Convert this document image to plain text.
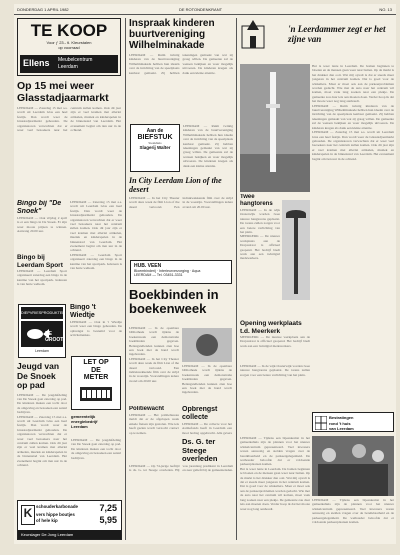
DONDERDAG 1 APRIL 1982	DE ROTONDENKRANT	NO. 13
TE KOOP
Voor ƒ 23.- tl. Kleurstalen
op voorraad
Ellens Meubelcentrum
Leerdam
Op 15 mei weer Glasstadjaarmarkt
LEERDAM — Zaterdag 15 mei a.s. wordt uit Leerdam Glas een heel festijn. Dan wordt weer de Glasstadjaarmarkt gehouden. De organisatoren verwachten dat er weer veel bezoekers naar het centrum zullen komen. Ook dit jaar zijn er veel kramen met allerlei artikelen, muziek en kinderspelen in de binnenstad van Leerdam. Het evenement begint om tien uur in de ochtend.
Bingo bij "De Snoek"
LEERDAM — Ook vrijdag 2 april is er een bingo in De Snoek. Er zijn weer mooie prijzen te winnen. Aanvang 20.00 uur.
Bingo bij Leerdam Sport
LEERDAM — Leerdam Sport organiseert zaterdag een bingo in de kantine van het sportpark. Iedereen is van harte welkom.
DIEPVRIESPRODUKTEN
DE GROOT
Leerdam
Jeugd van De Snoek op pad
LEERDAM — De jeugdafdeling van De Snoek gaat zaterdag op pad. De kinderen maken een tocht door de omgeving en bezoeken een aantal bedrijven.
LEERDAM — Zaterdag 15 mei a.s. wordt uit Leerdam Glas een heel festijn. Dan wordt weer de Glasstadjaarmarkt gehouden. De organisatoren verwachten dat er weer veel bezoekers naar het centrum zullen komen. Ook dit jaar zijn er veel kramen met allerlei artikelen, muziek en kinderspelen in de binnenstad van Leerdam. Het evenement begint om tien uur in de ochtend.
LEERDAM — Zaterdag 15 mei a.s. wordt uit Leerdam Glas een heel festijn. Dan wordt weer de Glasstadjaarmarkt gehouden. De organisatoren verwachten dat er weer veel bezoekers naar het centrum zullen komen. Ook dit jaar zijn er veel kramen met allerlei artikelen, muziek en kinderspelen in de binnenstad van Leerdam. Het evenement begint om tien uur in de ochtend.
LEERDAM — Leerdam Sport organiseert zaterdag een bingo in de kantine van het sportpark. Iedereen is van harte welkom.
Bingo 't Wiedtje
LEERDAM — Ook in 't Wiedtje wordt weer een bingo gehouden. De opbrengst is bestemd voor de activiteitenkas.
LET OP
DE
METER
gemeentelijk
energiebedrijf
Leerdam
LEERDAM — De jeugdafdeling van De Snoek gaat zaterdag op pad. De kinderen maken een tocht door de omgeving en bezoeken een aantal bedrijven.
K schouderkarbonade
vers hippe boutjes
of hele kip
7,25
5,95
Keurslager De Jong Leerdam
Inspraak kinderen buurtvereniging Wilhelminakade
LEERDAM — Ruim twintig kinderen van de buurtvereniging Wilhelminakade hebben hun ideeën over de inrichting van de speelplaats kenbaar gemaakt. Zij hebben tekeningen gemaakt van wat zij graag willen. De gemeente zal de wensen bekijken en waar mogelijk uitvoeren. De kinderen kregen als dank een kleine attentie.
Aan de
BIEFSTUK
Steakhuis
Slagerij Walter
LEERDAM — Ruim twintig kinderen van de buurtvereniging Wilhelminakade hebben hun ideeën over de inrichting van de speelplaats kenbaar gemaakt. Zij hebben tekeningen gemaakt van wat zij graag willen. De gemeente zal de wensen bekijken en waar mogelijk uitvoeren. De kinderen kregen als dank een kleine attentie.
In City Leerdam Lion of the desert
LEERDAM — In het City Theater wordt deze week de film Lion of the desert vertoond. Een indrukwekkende film over de strijd in de woestijn. Voorstellingen iedere avond om 20.00 uur.
HUB. VEEN
Bloembinderij · Interieurverzorging · Aqua
LEERDAM — Tel. 03451-3331
Boekbinden in boekenweek
LEERDAM — In de openbare bibliotheek wordt tijdens de boekenweek een demonstratie boekbinden gegeven. Belangstellenden kunnen zien hoe een boek met de hand wordt ingebonden.
LEERDAM — In het City Theater wordt deze week de film Lion of the desert vertoond. Een indrukwekkende film over de strijd in de woestijn. Voorstellingen iedere avond om 20.00 uur.
LEERDAM — In de openbare bibliotheek wordt tijdens de boekenweek een demonstratie boekbinden gegeven. Belangstellenden kunnen zien hoe een boek met de hand wordt ingebonden.
Politiewacht
LEERDAM — Het politiebureau meldt dat er de afgelopen week enkele fietsen zijn gestolen. Wie iets heeft gezien wordt verzocht contact op te nemen.
Opbrengst collecte
LEERDAM — De collecte voor het Astmafonds heeft in Leerdam een mooi bedrag opgebracht. Alle gevers
Ds. G. ter Steege overleden
LEERDAM — Op 74-jarige leeftijd is ds. G. ter Steege overleden. Hij was jarenlang predikant in Leerdam en zeer geliefd bij de gemeenteleden.
'n Leerdammer zegt er het zijne van
Twee hangtorens
LEERDAM — In de wijk Oosterwijk worden twee nieuwe hangtorens geplaatst. De torens zullen zorgen voor een betere verlichting van het plein.
MEERKERK — De nieuwe werkplaats aan de Dorpsstraat is officieel geopend. Het bedrijf biedt werk aan een twintigtal medewerkers.
Opening werkplaats t.d. Meerkerk
MEERKERK — De nieuwe werkplaats aan de Dorpsstraat is officieel geopend. Het bedrijf biedt werk aan een twintigtal medewerkers.
LEERDAM — In de wijk Oosterwijk worden twee nieuwe hangtorens geplaatst. De torens zullen zorgen voor een betere verlichting van het plein.
Bestratingen
rond 't huis
van Leerdam
Het is weer lente in Leerdam. De bomen beginnen te bloeien en de mensen gaan weer naar buiten. Op de markt is het drukker dan ooit. Wat mij opvalt is dat er steeds meer jongeren in het centrum komen. Dat is goed voor de winkeliers. Maar er moet ook aan de parkeerproblemen worden gedacht. Wie met de auto naar het centrum wil komen, moet vaak lang zoeken naar een plekje. De gemeente zou daar iets aan moeten doen. Verder hoop ik dat het mooie weer nog lang aanhoudt.
LEERDAM — Ruim twintig kinderen van de buurtvereniging Wilhelminakade hebben hun ideeën over de inrichting van de speelplaats kenbaar gemaakt. Zij hebben tekeningen gemaakt van wat zij graag willen. De gemeente zal de wensen bekijken en waar mogelijk uitvoeren. De kinderen kregen als dank een kleine attentie.
LEERDAM — Zaterdag 15 mei a.s. wordt uit Leerdam Glas een heel festijn. Dan wordt weer de Glasstadjaarmarkt gehouden. De organisatoren verwachten dat er weer veel bezoekers naar het centrum zullen komen. Ook dit jaar zijn er veel kramen met allerlei artikelen, muziek en kinderspelen in de binnenstad van Leerdam. Het evenement begint om tien uur in de ochtend.
LEERDAM — Tijdens een bijeenkomst in het gemeentehuis zijn de plannen voor het nieuwe winkelcentrum gepresenteerd. Veel inwoners waren aanwezig en stelden vragen over de bereikbaarheid en de parkeergelegenheid. De wethouder beloofde dat er voldoende parkeerplaatsen komen.
Het is weer lente in Leerdam. De bomen beginnen te bloeien en de mensen gaan weer naar buiten. Op de markt is het drukker dan ooit. Wat mij opvalt is dat er steeds meer jongeren in het centrum komen. Dat is goed voor de winkeliers. Maar er moet ook aan de parkeerproblemen worden gedacht. Wie met de auto naar het centrum wil komen, moet vaak lang zoeken naar een plekje. De gemeente zou daar iets aan moeten doen. Verder hoop ik dat het mooie weer nog lang aanhoudt.
LEERDAM — Tijdens een bijeenkomst in het gemeentehuis zijn de plannen voor het nieuwe winkelcentrum gepresenteerd. Veel inwoners waren aanwezig en stelden vragen over de bereikbaarheid en de parkeergelegenheid. De wethouder beloofde dat er voldoende parkeerplaatsen komen.
